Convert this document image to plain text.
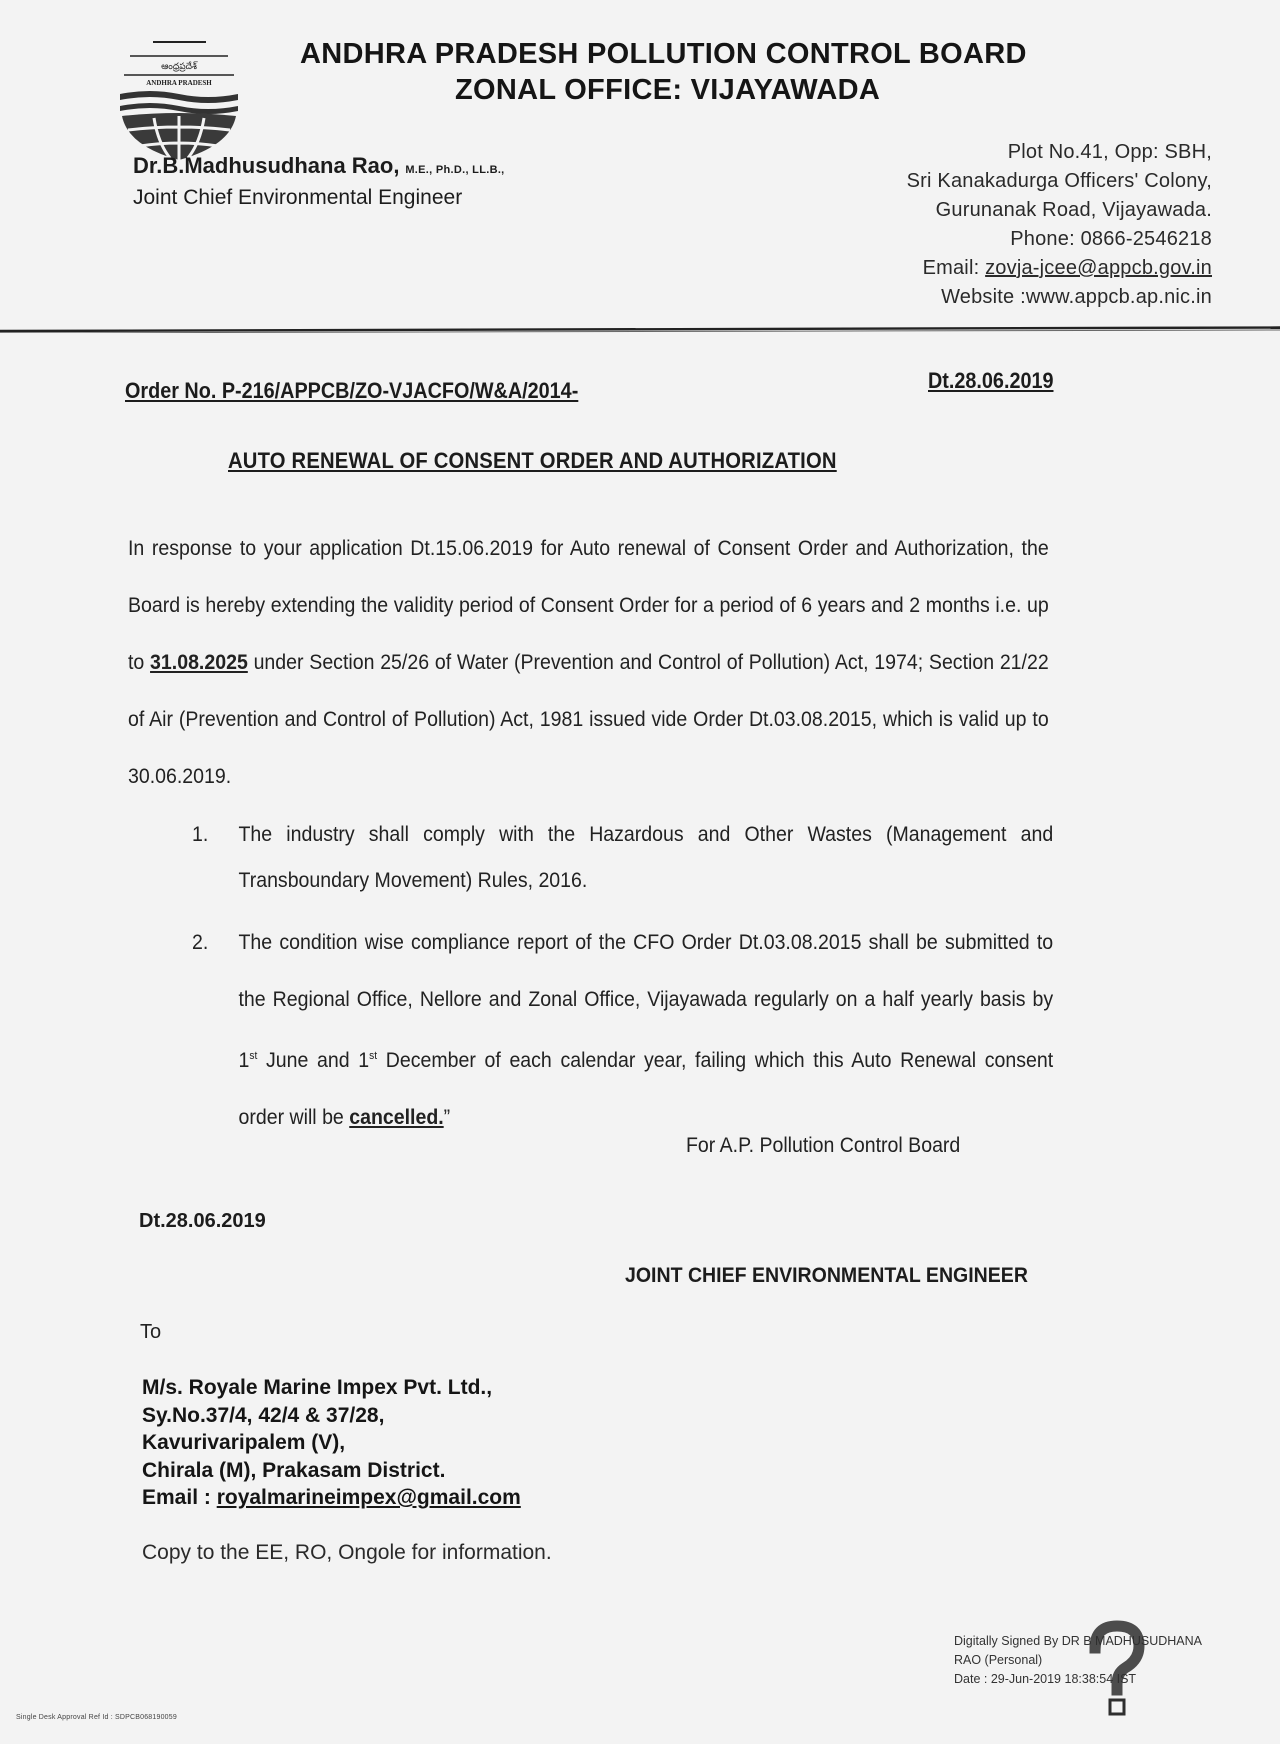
ఆంధ్రప్రదేశ్
ANDHRA PRADESH
ANDHRA PRADESH POLLUTION CONTROL BOARD
ZONAL OFFICE: VIJAYAWADA
Dr.B.Madhusudhana Rao, M.E., Ph.D., LL.B.,
Joint Chief Environmental Engineer
Plot No.41, Opp: SBH,
Sri Kanakadurga Officers' Colony,
Gurunanak Road, Vijayawada.
Phone: 0866-2546218
Email: zovja-jcee@appcb.gov.in
Website :www.appcb.ap.nic.in
Order No. P-216/APPCB/ZO-VJACFO/W&A/2014-	Dt.28.06.2019
AUTO RENEWAL OF CONSENT ORDER AND AUTHORIZATION
In response to your application Dt.15.06.2019 for Auto renewal of Consent Order and Authorization, the Board is hereby extending the validity period of Consent Order for a period of 6 years and 2 months i.e. up to 31.08.2025 under Section 25/26 of Water (Prevention and Control of Pollution) Act, 1974; Section 21/22 of Air (Prevention and Control of Pollution) Act, 1981 issued vide Order Dt.03.08.2015, which is valid up to 30.06.2019.
1. The industry shall comply with the Hazardous and Other Wastes (Management and Transboundary Movement) Rules, 2016.
2. The condition wise compliance report of the CFO Order Dt.03.08.2015 shall be submitted to the Regional Office, Nellore and Zonal Office, Vijayawada regularly on a half yearly basis by 1st June and 1st December of each calendar year, failing which this Auto Renewal consent order will be cancelled.”
For A.P. Pollution Control Board
Dt.28.06.2019
JOINT CHIEF ENVIRONMENTAL ENGINEER
To
M/s. Royale Marine Impex Pvt. Ltd.,
Sy.No.37/4, 42/4 & 37/28,
Kavurivaripalem (V),
Chirala (M), Prakasam District.
Email : royalmarineimpex@gmail.com
Copy to the EE, RO, Ongole for information.
Digitally Signed By DR B MADHUSUDHANA
RAO (Personal)
Date : 29-Jun-2019 18:38:54 IST
Single Desk Approval Ref Id : SDPCB068190059
